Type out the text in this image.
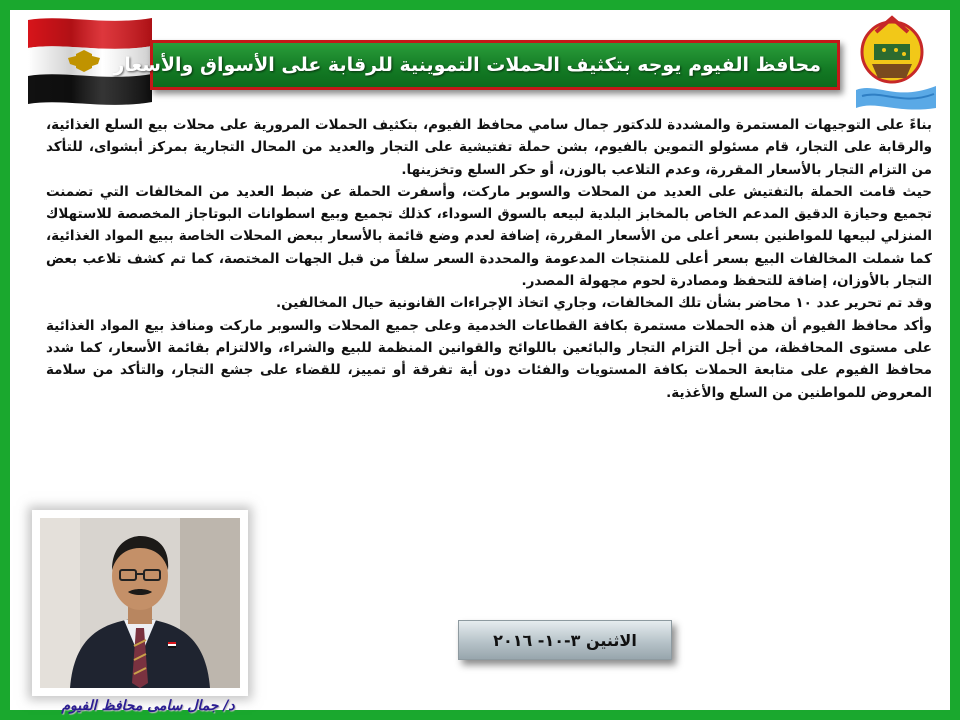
محافظ الفيوم يوجه بتكثيف الحملات التموينية للرقابة على الأسواق والأسعار

بناءً على التوجيهات المستمرة والمشددة للدكتور جمال سامي محافظ الفيوم، بتكثيف الحملات المرورية على محلات بيع السلع الغذائية، والرقابة على التجار، قام مسئولو التموين بالفيوم، بشن حملة تفتيشية على التجار والعديد من المحال التجارية بمركز أبشواى، للتأكد من التزام التجار بالأسعار المقررة، وعدم التلاعب بالوزن، أو حكر السلع وتخزينها.

حيث قامت الحملة بالتفتيش على العديد من المحلات والسوبر ماركت، وأسفرت الحملة عن ضبط العديد من المخالفات التي تضمنت تجميع وحيازة الدقيق المدعم الخاص بالمخابز البلدية لبيعه بالسوق السوداء، كذلك تجميع وبيع اسطوانات البوتاجاز المخصصة للاستهلاك المنزلي لبيعها للمواطنين بسعر أعلى من الأسعار المقررة، إضافة لعدم وضع قائمة بالأسعار ببعض المحلات الخاصة ببيع المواد الغذائية، كما شملت المخالفات البيع بسعر أعلى للمنتجات المدعومة والمحددة السعر سلفاً من قبل الجهات المختصة، كما تم كشف تلاعب بعض التجار بالأوزان، إضافة للتحفظ ومصادرة لحوم مجهولة المصدر.

وقد تم تحرير عدد ١٠ محاضر بشأن تلك المخالفات، وجاري اتخاذ الإجراءات القانونية حيال المخالفين.

وأكد محافظ الفيوم أن هذه الحملات مستمرة بكافة القطاعات الخدمية وعلى جميع المحلات والسوبر ماركت ومنافذ بيع المواد الغذائية على مستوى المحافظة، من أجل التزام التجار والبائعين باللوائح والقوانين المنظمة للبيع والشراء، والالتزام بقائمة الأسعار، كما شدد محافظ الفيوم على متابعة الحملات بكافة المستويات والفئات دون أية تفرقة أو تمييز، للقضاء على جشع التجار، والتأكد من سلامة المعروض للمواطنين من السلع والأغذية.

د/ جمال سامى محافظ الفيوم
الاثنين ٣-١٠- ٢٠١٦
